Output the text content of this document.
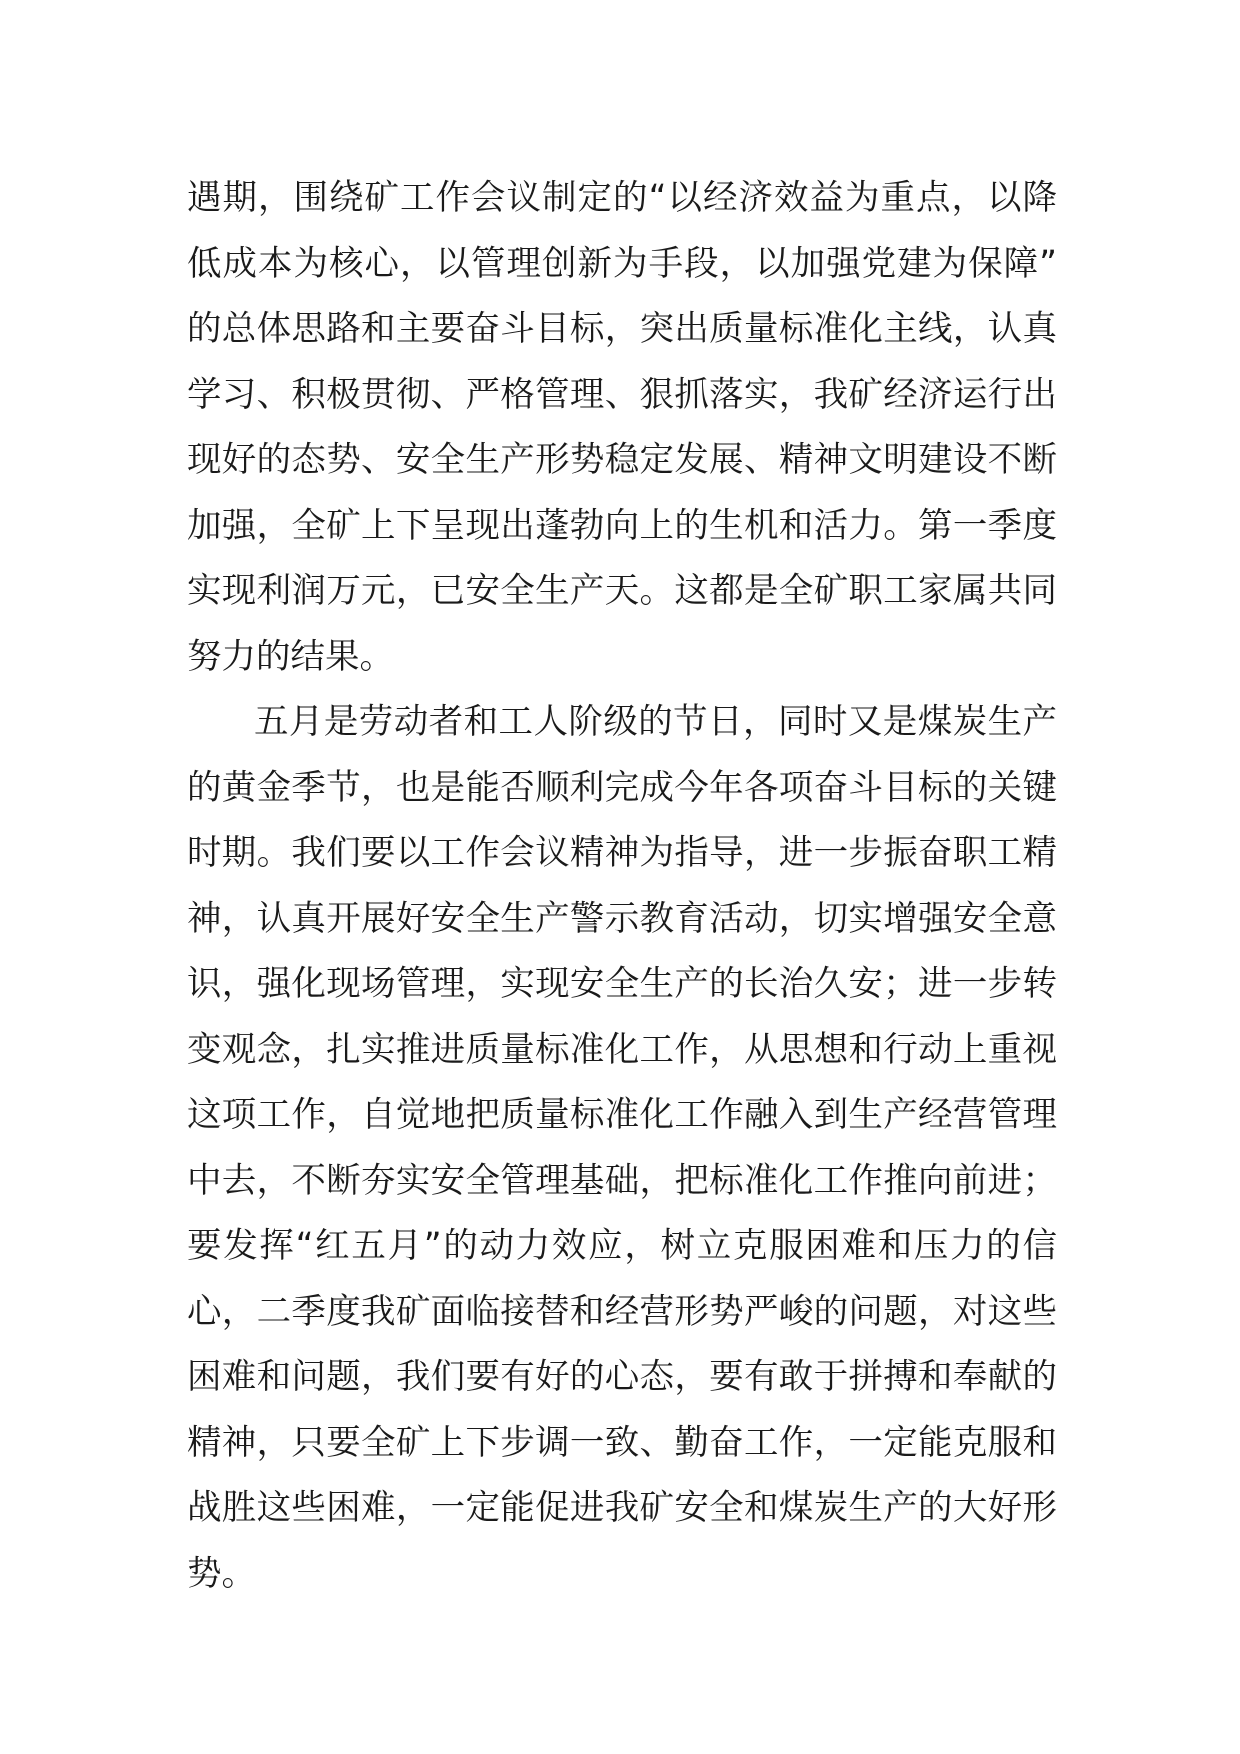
遇期，围绕矿工作会议制定的“以经济效益为重点，以降
低成本为核心，以管理创新为手段，以加强党建为保障”
的总体思路和主要奋斗目标，突出质量标准化主线，认真
学习、积极贯彻、严格管理、狠抓落实，我矿经济运行出
现好的态势、安全生产形势稳定发展、精神文明建设不断
加强，全矿上下呈现出蓬勃向上的生机和活力。第一季度
实现利润万元，已安全生产天。这都是全矿职工家属共同
努力的结果。
五月是劳动者和工人阶级的节日，同时又是煤炭生产
的黄金季节，也是能否顺利完成今年各项奋斗目标的关键
时期。我们要以工作会议精神为指导，进一步振奋职工精
神，认真开展好安全生产警示教育活动，切实增强安全意
识，强化现场管理，实现安全生产的长治久安；进一步转
变观念，扎实推进质量标准化工作，从思想和行动上重视
这项工作，自觉地把质量标准化工作融入到生产经营管理
中去，不断夯实安全管理基础，把标准化工作推向前进；
要发挥“红五月”的动力效应，树立克服困难和压力的信
心，二季度我矿面临接替和经营形势严峻的问题，对这些
困难和问题，我们要有好的心态，要有敢于拼搏和奉献的
精神，只要全矿上下步调一致、勤奋工作，一定能克服和
战胜这些困难，一定能促进我矿安全和煤炭生产的大好形
势。
